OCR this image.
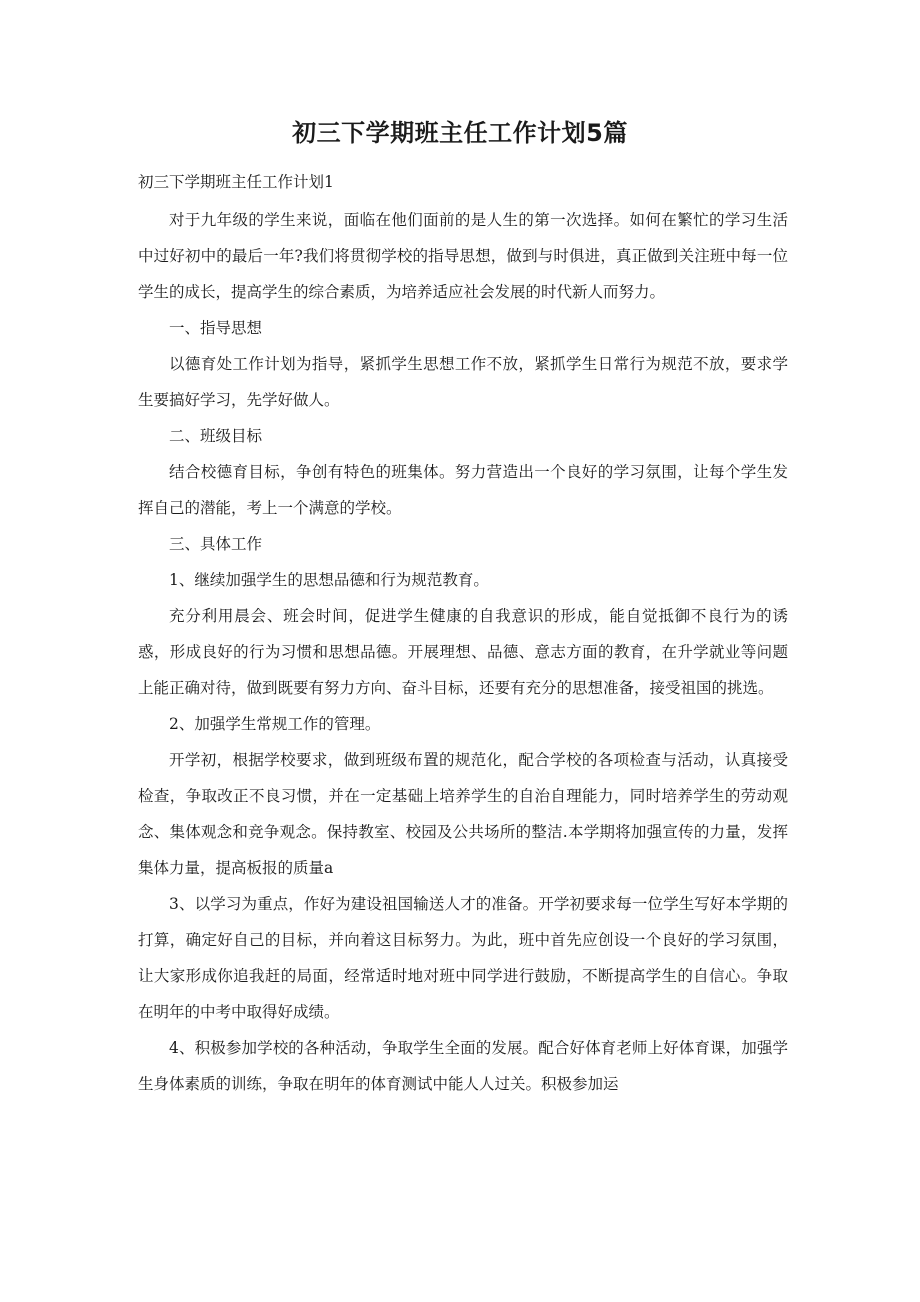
初三下学期班主任工作计划5篇

初三下学期班主任工作计划1

对于九年级的学生来说，面临在他们面前的是人生的第一次选择。如何在繁忙的学习生活中过好初中的最后一年?我们将贯彻学校的指导思想，做到与时俱进，真正做到关注班中每一位学生的成长，提高学生的综合素质，为培养适应社会发展的时代新人而努力。

一、指导思想

以德育处工作计划为指导，紧抓学生思想工作不放，紧抓学生日常行为规范不放，要求学生要搞好学习，先学好做人。

二、班级目标

结合校德育目标，争创有特色的班集体。努力营造出一个良好的学习氛围，让每个学生发挥自己的潜能，考上一个满意的学校。

三、具体工作

1、继续加强学生的思想品德和行为规范教育。

充分利用晨会、班会时间，促进学生健康的自我意识的形成，能自觉抵御不良行为的诱惑，形成良好的行为习惯和思想品德。开展理想、品德、意志方面的教育，在升学就业等问题上能正确对待，做到既要有努力方向、奋斗目标，还要有充分的思想准备，接受祖国的挑选。

2、加强学生常规工作的管理。

开学初，根据学校要求，做到班级布置的规范化，配合学校的各项检查与活动，认真接受检查，争取改正不良习惯，并在一定基础上培养学生的自治自理能力，同时培养学生的劳动观念、集体观念和竞争观念。保持教室、校园及公共场所的整洁.本学期将加强宣传的力量，发挥集体力量，提高板报的质量a

3、以学习为重点，作好为建设祖国输送人才的准备。开学初要求每一位学生写好本学期的打算，确定好自己的目标，并向着这目标努力。为此，班中首先应创设一个良好的学习氛围，让大家形成你追我赶的局面，经常适时地对班中同学进行鼓励，不断提高学生的自信心。争取在明年的中考中取得好成绩。

4、积极参加学校的各种活动，争取学生全面的发展。配合好体育老师上好体育课，加强学生身体素质的训练，争取在明年的体育测试中能人人过关。积极参加运
